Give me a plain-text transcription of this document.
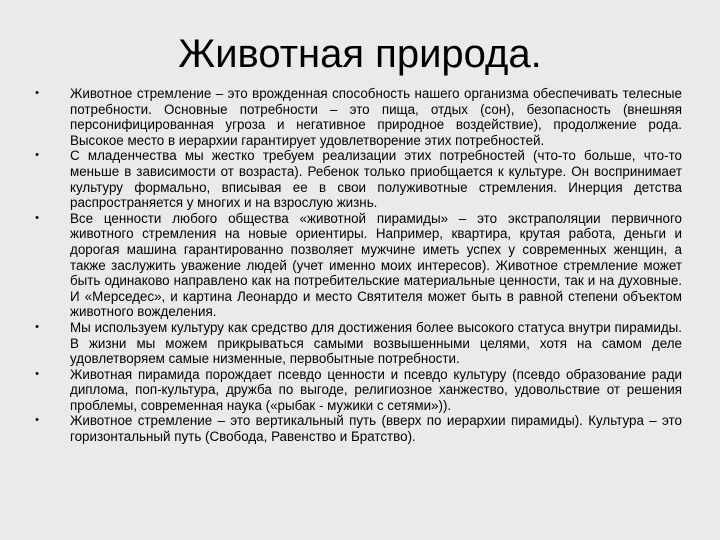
Животная природа.
•	Животное стремление – это врожденная способность нашего организма обеспечивать телесные потребности. Основные потребности – это пища, отдых (сон), безопасность (внешняя персонифицированная угроза и негативное природное воздействие), продолжение рода. Высокое место в иерархии гарантирует удовлетворение этих потребностей.
•	С младенчества мы жестко требуем реализации этих потребностей (что-то больше, что-то меньше в зависимости от возраста). Ребенок только приобщается к культуре. Он воспринимает культуру формально, вписывая ее в свои полуживотные стремления. Инерция детства распространяется у многих и на взрослую жизнь.
•	Все ценности любого общества «животной пирамиды» – это экстраполяции первичного животного стремления на новые ориентиры. Например, квартира, крутая работа, деньги и дорогая машина гарантированно позволяет мужчине иметь успех у современных женщин, а также заслужить уважение людей (учет именно моих интересов). Животное стремление может быть одинаково направлено как на потребительские материальные ценности, так и на духовные. И «Мерседес», и картина Леонардо и место Святителя может быть в равной степени объектом животного вожделения.
•	Мы используем культуру как средство для достижения более высокого статуса внутри пирамиды. В жизни мы можем прикрываться самыми возвышенными целями, хотя на самом деле удовлетворяем самые низменные, первобытные потребности.
•	Животная пирамида порождает псевдо ценности и псевдо культуру (псевдо образование ради диплома, поп-культура, дружба по выгоде, религиозное ханжество, удовольствие от решения проблемы, современная наука («рыбак - мужики с сетями»)).
•	Животное стремление – это вертикальный путь (вверх по иерархии пирамиды). Культура – это горизонтальный путь (Свобода, Равенство и Братство).
